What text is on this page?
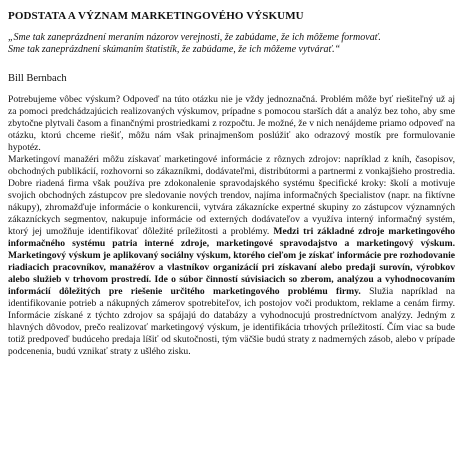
PODSTATA A VÝZNAM MARKETINGOVÉHO VÝSKUMU
„Sme tak zaneprázdnení meraním názorov verejnosti, že zabúdame, že ich môžeme formovať.
Sme tak zaneprázdnení skúmaním štatistík, že zabúdame, že ich môžeme vytvárať.“
Bill Bernbach

Potrebujeme vôbec výskum? Odpoveď na túto otázku nie je vždy jednoznačná. Problém môže byť riešiteľný už aj za pomoci predchádzajúcich realizovaných výskumov, prípadne s pomocou starších dát a analýz bez toho, aby sme zbytočne plytvali časom a finančnými prostriedkami z rozpočtu. Je možné, že v nich nenájdeme priamo odpoveď na otázku, ktorú chceme riešiť, môžu nám však prinajmenšom poslúžiť ako odrazový mostík pre formulovanie hypotéz.

Marketingoví manažéri môžu získavať marketingové informácie z rôznych zdrojov: napríklad z kníh, časopisov, obchodných publikácií, rozhovorni so zákazníkmi, dodávateľmi, distribútormi a partnermi z vonkajšieho prostredia. Dobre riadená firma však používa pre zdokonalenie spravodajského systému špecifické kroky: školí a motivuje svojich obchodných zástupcov pre sledovanie nových trendov, najíma informačných špecialistov (napr. na fiktívne nákupy), zhromažďuje informácie o konkurencii, vytvára zákaznícke expertné skupiny zo zástupcov významných zákazníckych segmentov, nakupuje informácie od externých dodávateľov a využíva interný informačný systém, ktorý jej umožňuje identifikovať dôležité príležitosti a problémy. Medzi tri základné zdroje marketingového informačného systému patria interné zdroje, marketingové spravodajstvo a marketingový výskum. Marketingový výskum je aplikovaný sociálny výskum, ktorého cieľom je získať informácie pre rozhodovanie riadiacich pracovníkov, manažérov a vlastníkov organizácií pri získavaní alebo predaji surovín, výrobkov alebo služieb v trhovom prostredí. Ide o súbor činností súvisiacich so zberom, analýzou a vyhodnocovaním informácií dôležitých pre riešenie určitého marketingového problému firmy. Služia napríklad na identifikovanie potrieb a nákupných zámerov spotrebiteľov, ich postojov voči produktom, reklame a cenám firmy. Informácie získané z týchto zdrojov sa spájajú do databázy a vyhodnocujú prostredníctvom analýzy. Jedným z hlavných dôvodov, prečo realizovať marketingový výskum, je identifikácia trhových príležitostí. Čím viac sa bude totiž predpoveď budúceho predaja líšiť od skutočnosti, tým väčšie budú straty z nadmerných zásob, alebo v prípade podcenenia, budú vznikať straty z ušlého zisku.
